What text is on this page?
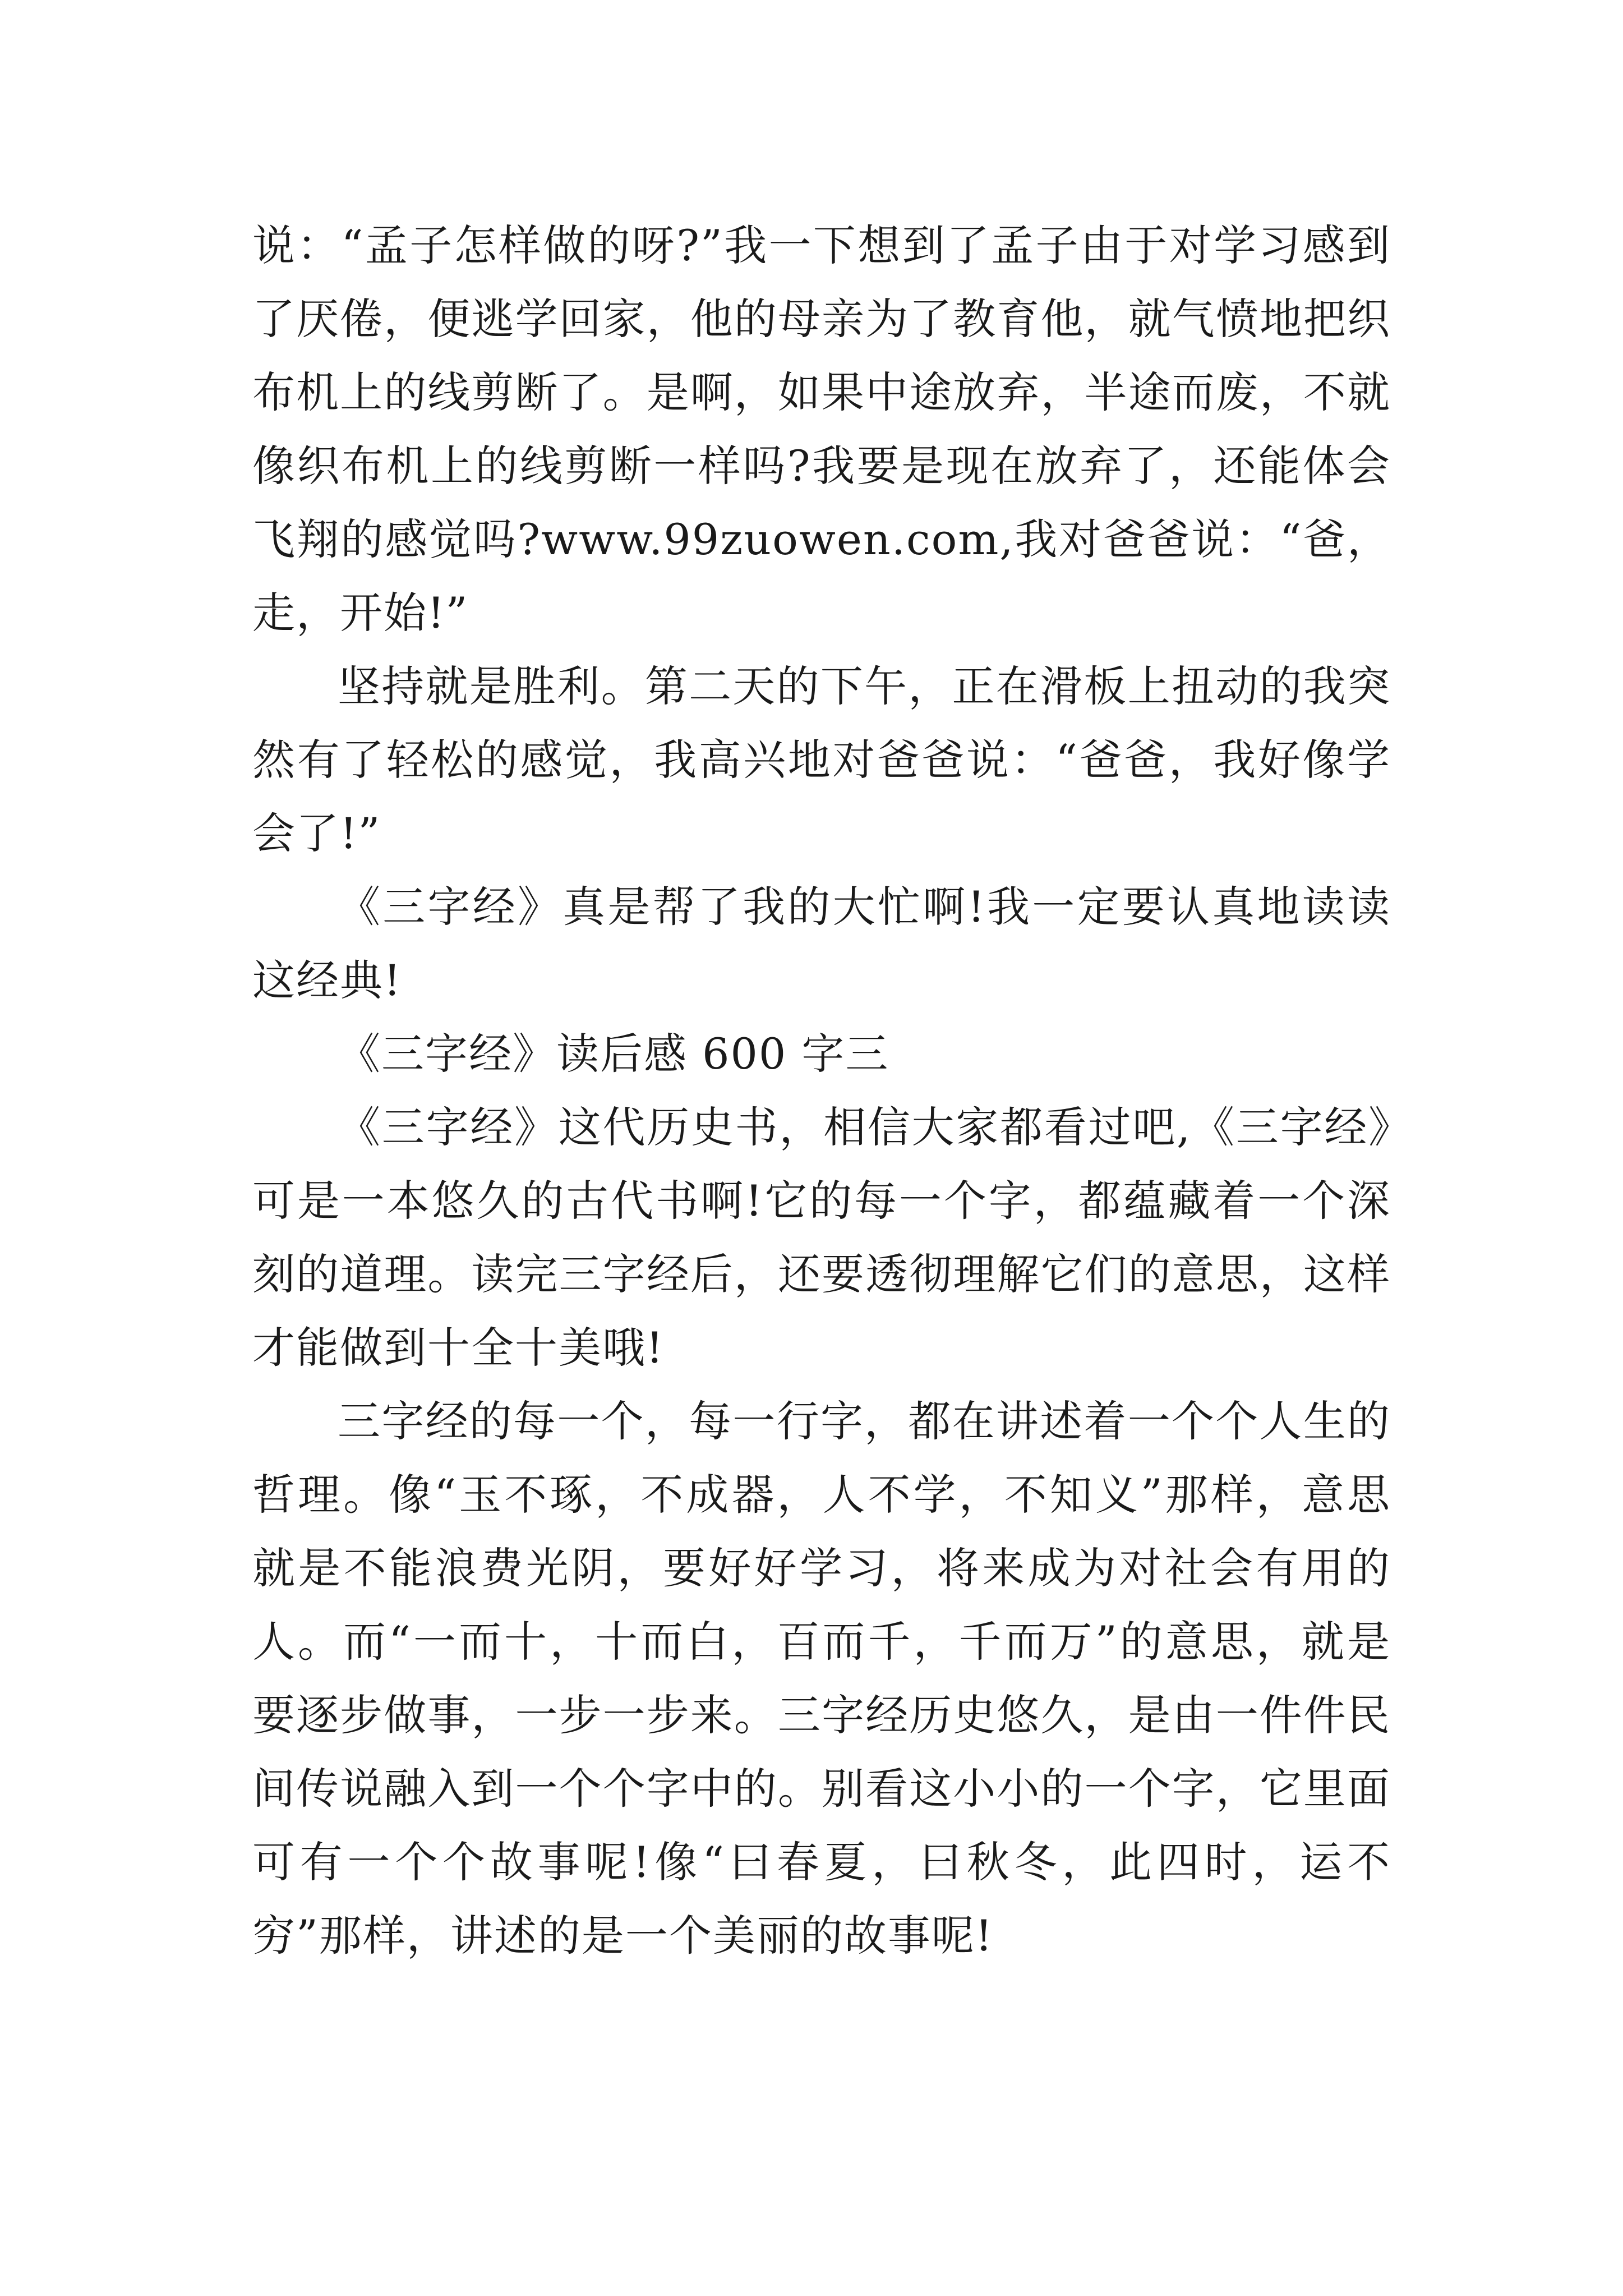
说：“孟子怎样做的呀?”我一下想到了孟子由于对学习感到了厌倦，便逃学回家，他的母亲为了教育他，就气愤地把织布机上的线剪断了。是啊，如果中途放弃，半途而废，不就像织布机上的线剪断一样吗?我要是现在放弃了，还能体会飞翔的感觉吗?www.99zuowen.com,我对爸爸说：“爸，走，开始!”

坚持就是胜利。第二天的下午，正在滑板上扭动的我突然有了轻松的感觉，我高兴地对爸爸说：“爸爸，我好像学会了!”

《三字经》真是帮了我的大忙啊!我一定要认真地读读这经典!

《三字经》读后感 600 字三

《三字经》这代历史书，相信大家都看过吧,《三字经》可是一本悠久的古代书啊!它的每一个字，都蕴藏着一个深刻的道理。读完三字经后，还要透彻理解它们的意思，这样才能做到十全十美哦!

三字经的每一个，每一行字，都在讲述着一个个人生的哲理。像“玉不琢，不成器，人不学，不知义”那样，意思就是不能浪费光阴，要好好学习，将来成为对社会有用的人。而“一而十，十而白，百而千，千而万”的意思，就是要逐步做事，一步一步来。三字经历史悠久，是由一件件民间传说融入到一个个字中的。别看这小小的一个字，它里面可有一个个故事呢!像“曰春夏，曰秋冬，此四时，运不穷”那样，讲述的是一个美丽的故事呢!
